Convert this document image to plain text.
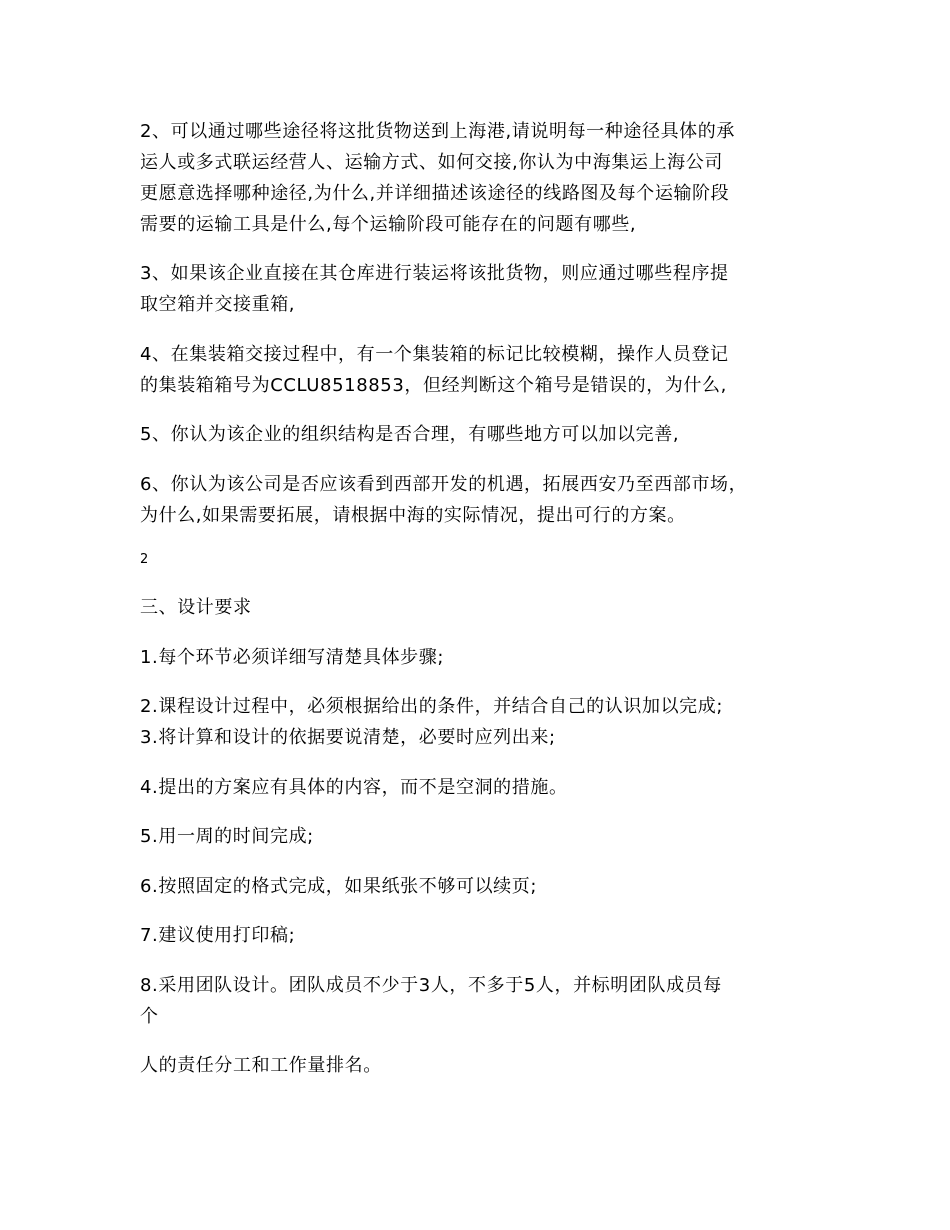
2、可以通过哪些途径将这批货物送到上海港,请说明每一种途径具体的承
运人或多式联运经营人、运输方式、如何交接,你认为中海集运上海公司
更愿意选择哪种途径,为什么,并详细描述该途径的线路图及每个运输阶段
需要的运输工具是什么,每个运输阶段可能存在的问题有哪些,
3、如果该企业直接在其仓库进行装运将该批货物，则应通过哪些程序提
取空箱并交接重箱,
4、在集装箱交接过程中，有一个集装箱的标记比较模糊，操作人员登记
的集装箱箱号为CCLU8518853，但经判断这个箱号是错误的，为什么,
5、你认为该企业的组织结构是否合理，有哪些地方可以加以完善,
6、你认为该公司是否应该看到西部开发的机遇，拓展西安乃至西部市场，
为什么,如果需要拓展，请根据中海的实际情况，提出可行的方案。
2
三、设计要求
1.每个环节必须详细写清楚具体步骤;
2.课程设计过程中，必须根据给出的条件，并结合自己的认识加以完成;
3.将计算和设计的依据要说清楚，必要时应列出来;
4.提出的方案应有具体的内容，而不是空洞的措施。
5.用一周的时间完成;
6.按照固定的格式完成，如果纸张不够可以续页;
7.建议使用打印稿;
8.采用团队设计。团队成员不少于3人，不多于5人，并标明团队成员每
个
人的责任分工和工作量排名。
